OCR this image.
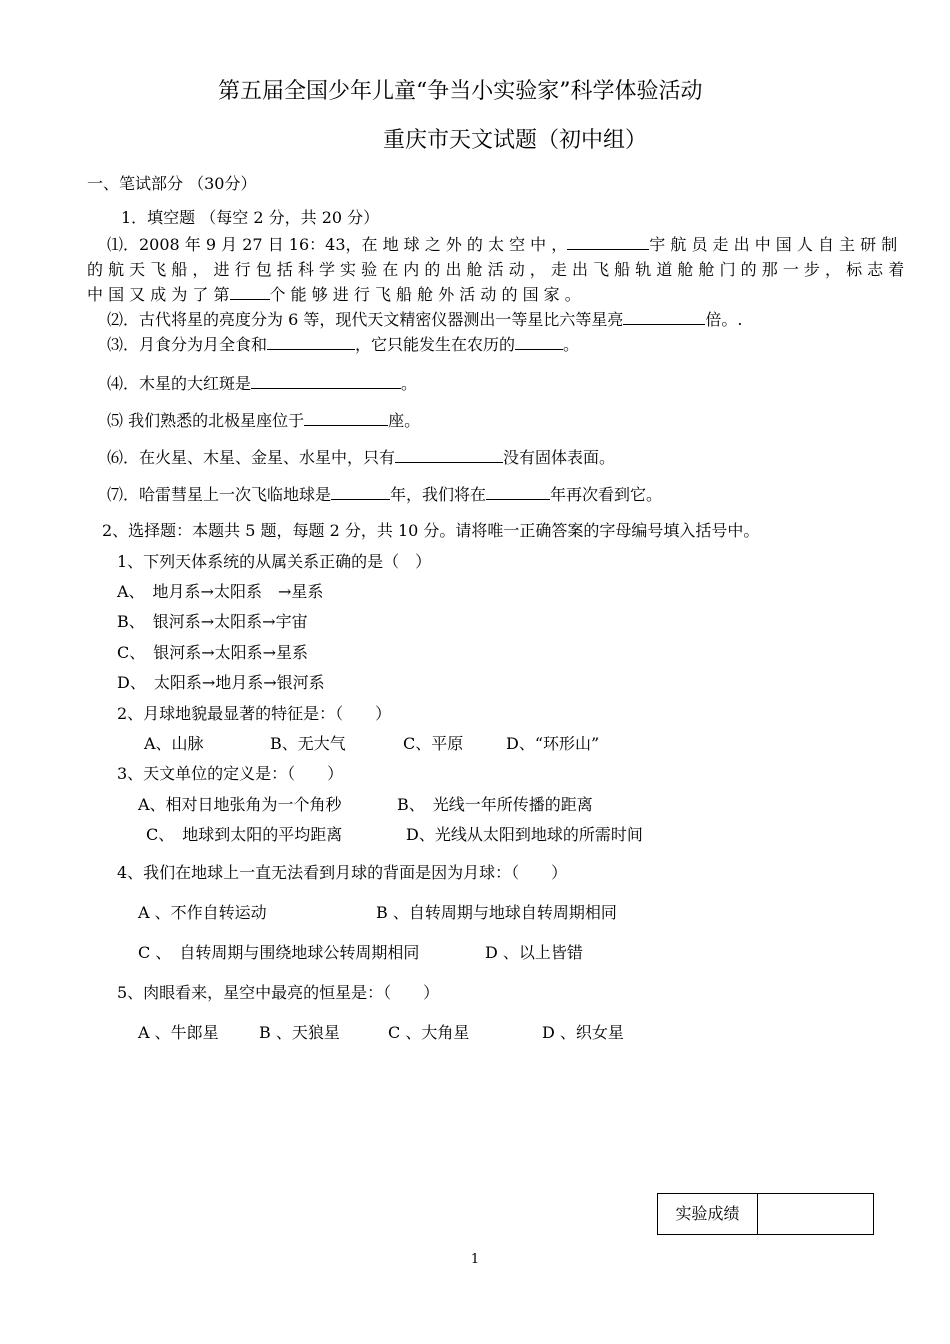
第五届全国少年儿童“争当小实验家”科学体验活动
重庆市天文试题（初中组）
一、笔试部分 （30分）
1．填空题 （每空 2 分，共 20 分）
⑴．2008 年 9 月 27 日 16：43，在 地 球 之 外 的 太 空 中 ，	宇 航 员 走 出 中 国 人 自 主 研 制
的 航 天 飞 船 ， 进 行 包 括 科 学 实 验 在 内 的 出 舱 活 动 ， 走 出 飞 船 轨 道 舱 舱 门 的 那 一 步 ， 标 志 着
中 国 又 成 为 了 第	个 能 够 进 行 飞 船 舱 外 活 动 的 国 家 。
⑵．古代将星的亮度分为 6 等，现代天文精密仪器测出一等星比六等星亮	倍。.
⑶．月食分为月全食和	，它只能发生在农历的	。
⑷．木星的大红斑是	。
⑸ 我们熟悉的北极星座位于	座。
⑹．在火星、木星、金星、水星中，只有	没有固体表面。
⑺．哈雷彗星上一次飞临地球是	年，我们将在	年再次看到它。
2、选择题：本题共 5 题，每题 2 分，共 10 分。请将唯一正确答案的字母编号填入括号中。
1、下列天体系统的从属关系正确的是（　）
A、　地月系→太阳系　→星系
B、　银河系→太阳系→宇宙
C、　银河系→太阳系→星系
D、　太阳系→地月系→银河系
2、月球地貌最显著的特征是：（　　）
A、山脉	B、无大气	C、平原	D、“环形山”
3、天文单位的定义是：（　　）
A、相对日地张角为一个角秒	B、　光线一年所传播的距离
C、　地球到太阳的平均距离	D、光线从太阳到地球的所需时间
4、我们在地球上一直无法看到月球的背面是因为月球：（　　）
A 、不作自转运动	B 、自转周期与地球自转周期相同
C 、　自转周期与围绕地球公转周期相同	D 、以上皆错
5、肉眼看来，星空中最亮的恒星是：（　　）
A 、牛郎星	B 、天狼星	C 、大角星	D 、织女星
实验成绩
1
